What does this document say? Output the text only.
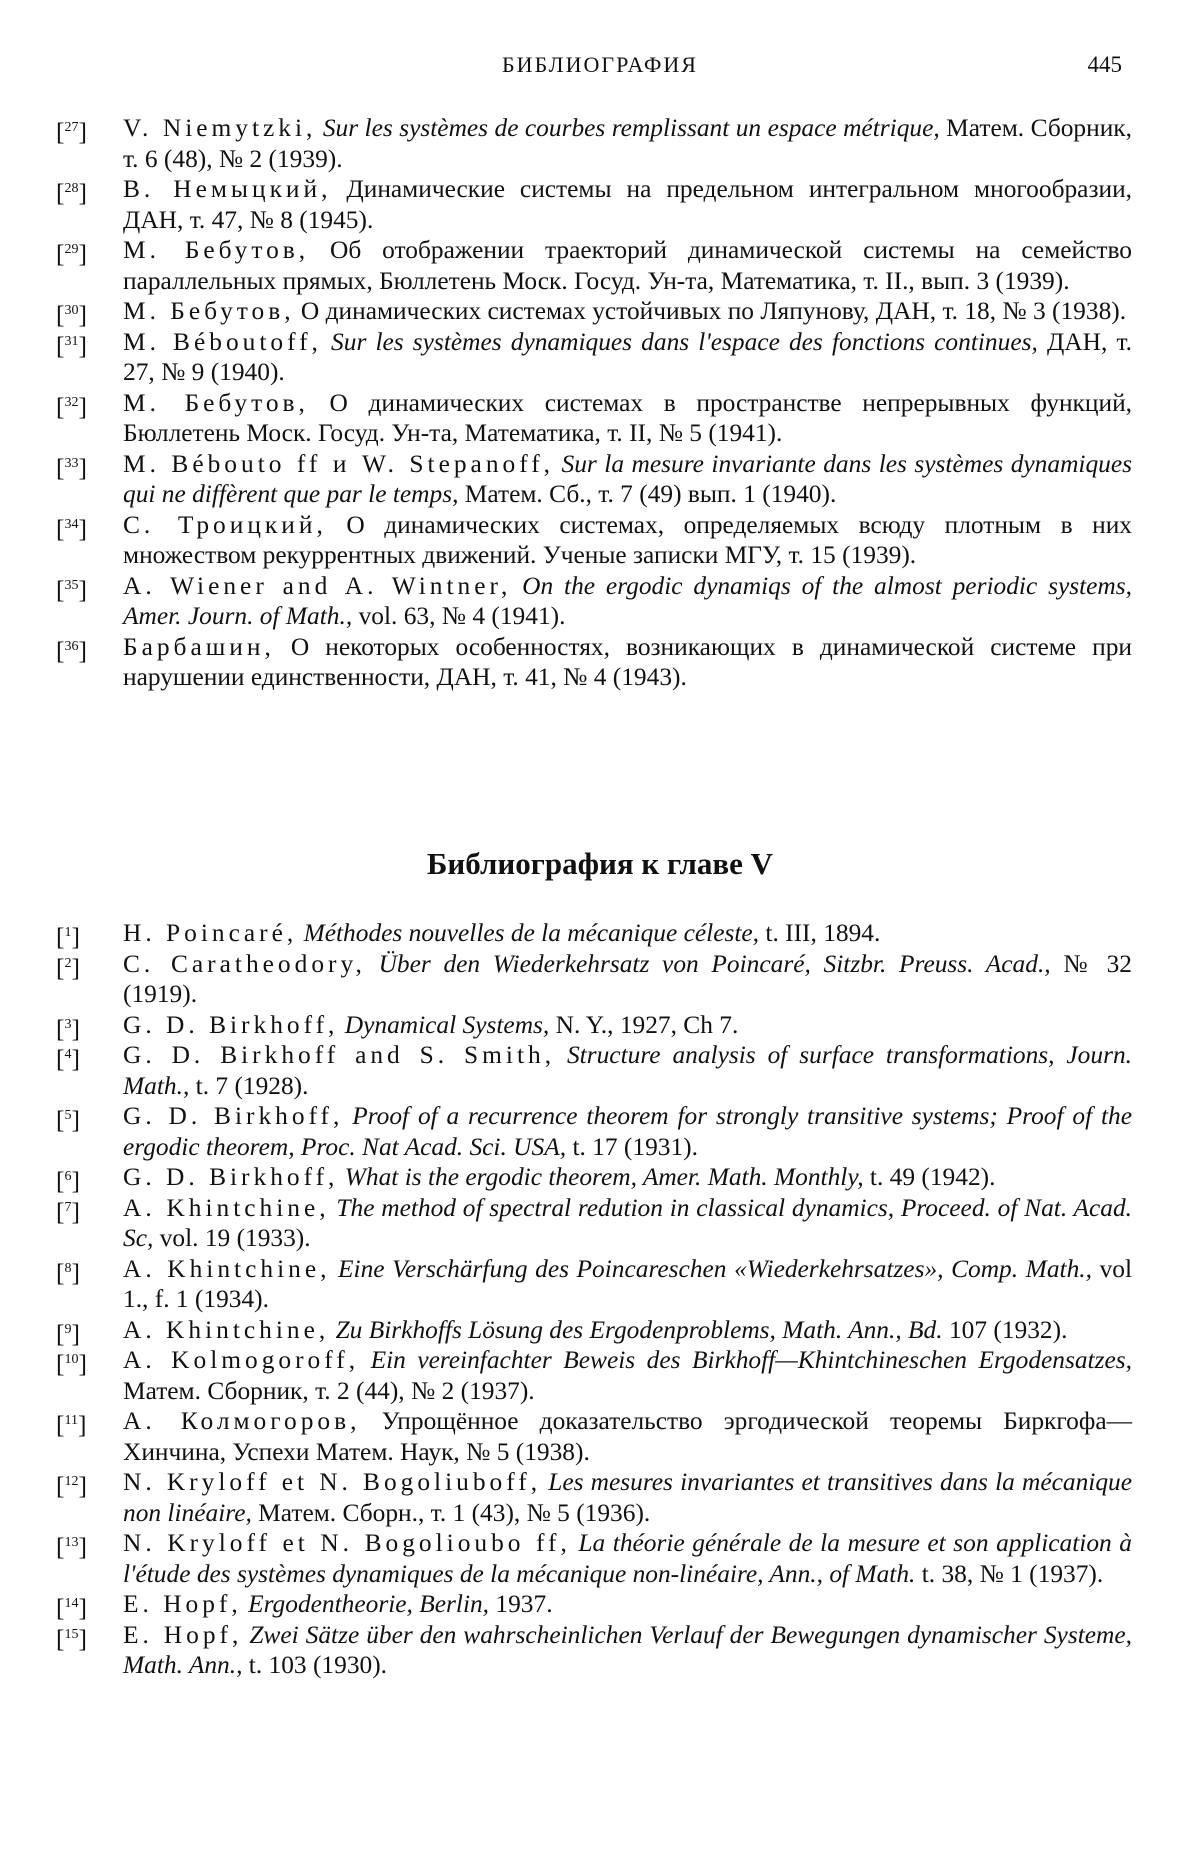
БИБЛИОГРАФИЯ	445

[$^{27}$]	V. Niemytzki, Sur les systèmes de courbes remplissant un espace métrique, Матем. Сборник, т. 6 (48), № 2 (1939).

[$^{28}$]	В. Немыцкий, Динамические системы на предельном интегральном многообразии, ДАН, т. 47, № 8 (1945).

[$^{29}$]	М. Бебутов, Об отображении траекторий динамической системы на семейство параллельных прямых, Бюллетень Моск. Госуд. Ун-та, Математика, т. II., вып. 3 (1939).

[$^{30}$]	М. Бебутов, О динамических системах устойчивых по Ляпунову, ДАН, т. 18, № 3 (1938).

[$^{31}$]	M. Béboutoff, Sur les systèmes dynamiques dans l'espace des fonctions continues, ДАН, т. 27, № 9 (1940).

[$^{32}$]	М. Бебутов, О динамических системах в пространстве непрерывных функций, Бюллетень Моск. Госуд. Ун-та, Математика, т. II, № 5 (1941).

[$^{33}$]	M. Bébouto ff и W. Stepanoff, Sur la mesure invariante dans les systèmes dynamiques qui ne diffèrent que par le temps, Матем. Сб., т. 7 (49) вып. 1 (1940).

[$^{34}$]	С. Троицкий, О динамических системах, определяемых всюду плотным в них множеством рекуррентных движений. Ученые записки МГУ, т. 15 (1939).

[$^{35}$]	A. Wiener and A. Wintner, On the ergodic dynamiqs of the almost periodic systems, Amer. Journ. of Math., vol. 63, № 4 (1941).

[$^{36}$]	Барбашин, О некоторых особенностях, возникающих в динамической системе при нарушении единственности, ДАН, т. 41, № 4 (1943).

Библиография к главе V

[$^1$]	H. Poincaré, Méthodes nouvelles de la mécanique céleste, t. III, 1894.

[$^2$]	C. Caratheodory, Über den Wiederkehrsatz von Poincaré, Sitzbr. Preuss. Acad., № 32 (1919).

[$^3$]	G. D. Birkhoff, Dynamical Systems, N. Y., 1927, Ch 7.

[$^4$]	G. D. Birkhoff and S. Smith, Structure analysis of surface transformations, Journ. Math., t. 7 (1928).

[$^5$]	G. D. Birkhoff, Proof of a recurrence theorem for strongly transitive systems; Proof of the ergodic theorem, Proc. Nat Acad. Sci. USA, t. 17 (1931).

[$^6$]	G. D. Birkhoff, What is the ergodic theorem, Amer. Math. Monthly, t. 49 (1942).

[$^7$]	A. Khintchine, The method of spectral redution in classical dynamics, Proceed. of Nat. Acad. Sc, vol. 19 (1933).

[$^8$]	A. Khintchine, Eine Verschärfung des Poincareschen «Wiederkehrsatzes», Comp. Math., vol 1., f. 1 (1934).

[$^9$]	A. Khintchine, Zu Birkhoffs Lösung des Ergodenproblems, Math. Ann., Bd. 107 (1932).

[$^{10}$]	A. Kolmogoroff, Ein vereinfachter Beweis des Birkhoff—Khintchineschen Ergodensatzes, Матем. Сборник, т. 2 (44), № 2 (1937).

[$^{11}$]	А. Колмогоров, Упрощённое доказательство эргодической теоремы Биркгофа—Хинчина, Успехи Матем. Наук, № 5 (1938).

[$^{12}$]	N. Kryloff et N. Bogoliuboff, Les mesures invariantes et transitives dans la mécanique non linéaire, Матем. Сборн., т. 1 (43), № 5 (1936).

[$^{13}$]	N. Kryloff et N. Bogolioubo ff, La théorie générale de la mesure et son application à l'étude des systèmes dynamiques de la mécanique non-linéaire, Ann., of Math. t. 38, № 1 (1937).

[$^{14}$]	E. Hopf, Ergodentheorie, Berlin, 1937.

[$^{15}$]	E. Hopf, Zwei Sätze über den wahrscheinlichen Verlauf der Bewegungen dynamischer Systeme, Math. Ann., t. 103 (1930).
